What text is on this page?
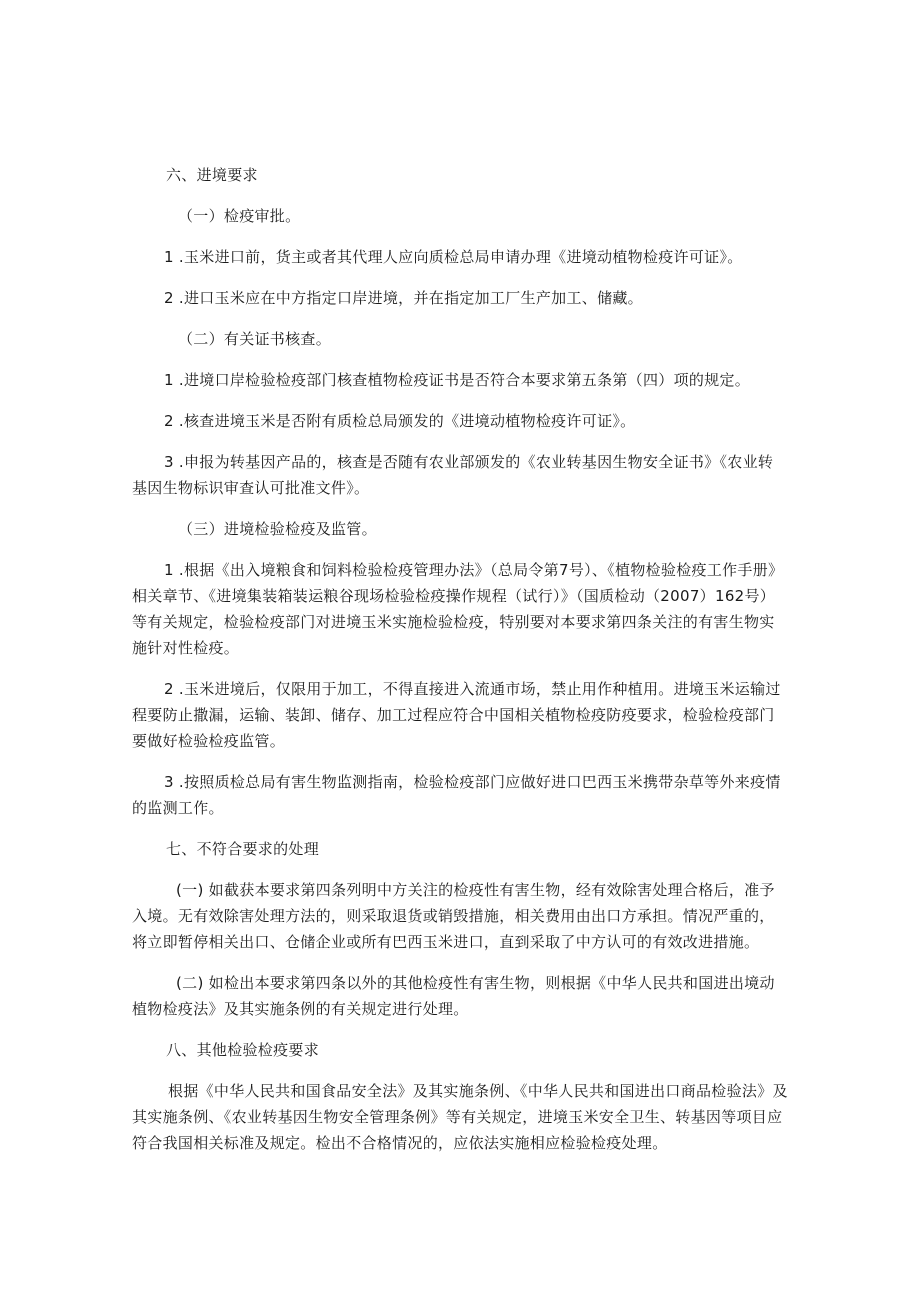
六、进境要求

（一）检疫审批。

1 .玉米进口前，货主或者其代理人应向质检总局申请办理《进境动植物检疫许可证》。

2 .进口玉米应在中方指定口岸进境，并在指定加工厂生产加工、储藏。

（二）有关证书核查。

1 .进境口岸检验检疫部门核查植物检疫证书是否符合本要求第五条第（四）项的规定。

2 .核查进境玉米是否附有质检总局颁发的《进境动植物检疫许可证》。

3 .申报为转基因产品的，核查是否随有农业部颁发的《农业转基因生物安全证书》《农业转基因生物标识审查认可批准文件》。

（三）进境检验检疫及监管。

1 .根据《出入境粮食和饲料检验检疫管理办法》（总局令第7号）、《植物检验检疫工作手册》相关章节、《进境集装箱装运粮谷现场检验检疫操作规程（试行）》（国质检动（2007）162号）等有关规定，检验检疫部门对进境玉米实施检验检疫，特别要对本要求第四条关注的有害生物实施针对性检疫。

2 .玉米进境后，仅限用于加工，不得直接进入流通市场，禁止用作种植用。进境玉米运输过程要防止撒漏，运输、装卸、储存、加工过程应符合中国相关植物检疫防疫要求，检验检疫部门要做好检验检疫监管。

3 .按照质检总局有害生物监测指南，检验检疫部门应做好进口巴西玉米携带杂草等外来疫情的监测工作。

七、不符合要求的处理

(一) 如截获本要求第四条列明中方关注的检疫性有害生物，经有效除害处理合格后，准予入境。无有效除害处理方法的，则采取退货或销毁措施，相关费用由出口方承担。情况严重的，将立即暂停相关出口、仓储企业或所有巴西玉米进口，直到采取了中方认可的有效改进措施。

(二) 如检出本要求第四条以外的其他检疫性有害生物，则根据《中华人民共和国进出境动植物检疫法》及其实施条例的有关规定进行处理。

八、其他检验检疫要求

根据《中华人民共和国食品安全法》及其实施条例、《中华人民共和国进出口商品检验法》及其实施条例、《农业转基因生物安全管理条例》等有关规定，进境玉米安全卫生、转基因等项目应符合我国相关标准及规定。检出不合格情况的，应依法实施相应检验检疫处理。
